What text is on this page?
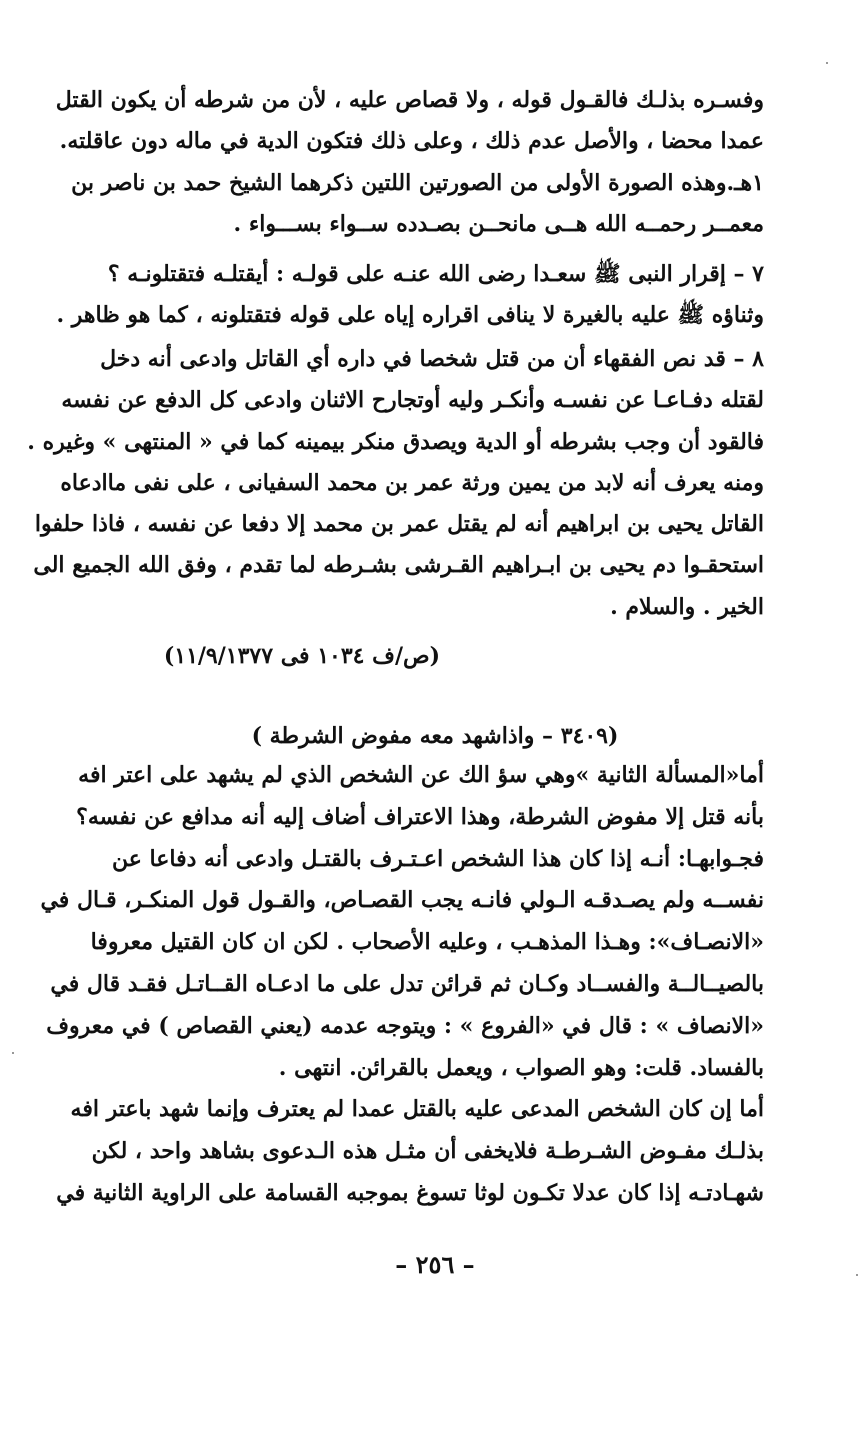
وفسـره بذلـك فالقـول قوله ، ولا قصاص عليه ، لأن من شرطه أن يكون القتل
عمدا محضا ، والأصل عدم ذلك ، وعلى ذلك فتكون الدية في ماله دون عاقلته.
١هـ.وهذه الصورة الأولى من الصورتين اللتين ذكرهما الشيخ حمد بن ناصر بن
معمــر رحمــه الله هــى مانحــن بصـدده ســواء بســـواء .
٧ – إقرار النبى ﷺ سعـدا رضى الله عنـه على قولـه : أيقتلـه فتقتلونـه ؟
وثناؤه ﷺ عليه بالغيرة لا ينافى اقراره إياه على قوله فتقتلونه ، كما هو ظاهر .
٨ – قد نص الفقهاء أن من قتل شخصا في داره أي القاتل وادعى أنه دخل
لقتله دفـاعـا عن نفسـه وأنكـر وليه أوتجارح الاثنان وادعى كل الدفع عن نفسه
فالقود أن وجب بشرطه أو الدية ويصدق منكر بيمينه كما في « المنتهى » وغيره .
ومنه يعرف أنه لابد من يمين ورثة عمر بن محمد السفيانى ، على نفى ماادعاه
القاتل يحيى بن ابراهيم أنه لم يقتل عمر بن محمد إلا دفعا عن نفسه ، فاذا حلفوا
استحقـوا دم يحيى بن ابـراهيم القـرشى بشـرطه لما تقدم ، وفق الله الجميع الى
الخير . والسلام .
(ص/ف ١٠٣٤ فى ١١/٩/١٣٧٧)
(٣٤٠٩ – واذاشهد معه مفوض الشرطة )
أما«المسألة الثانية »وهي سؤ الك عن الشخص الذي لم يشهد على اعتر افه
بأنه قتل إلا مفوض الشرطة، وهذا الاعتراف أضاف إليه أنه مدافع عن نفسه؟
فجـوابهـا: أنـه إذا كان هذا الشخص اعـتـرف بالقتـل وادعى أنه دفاعا عن
نفســه ولم يصـدقـه الـولي فانـه يجب القصـاص، والقـول قول المنكـر، قـال في
«الانصـاف»: وهـذا المذهـب ، وعليه الأصحاب . لكن ان كان القتيل معروفا
بالصيــالــة والفســاد وكـان ثم قرائن تدل على ما ادعـاه القــاتـل فقـد قال في
«الانصاف » : قال في «الفروع » : ويتوجه عدمه (يعني القصاص ) في معروف
بالفساد. قلت: وهو الصواب ، ويعمل بالقرائن. انتهى .
أما إن كان الشخص المدعى عليه بالقتل عمدا لم يعترف وإنما شهد باعتر افه
بذلـك مفـوض الشـرطـة فلايخفى أن مثـل هذه الـدعوى بشاهد واحد ، لكن
شهـادتـه إذا كان عدلا تكـون لوثا تسوغ بموجبه القسامة على الراوية الثانية في
– ٢٥٦ –
